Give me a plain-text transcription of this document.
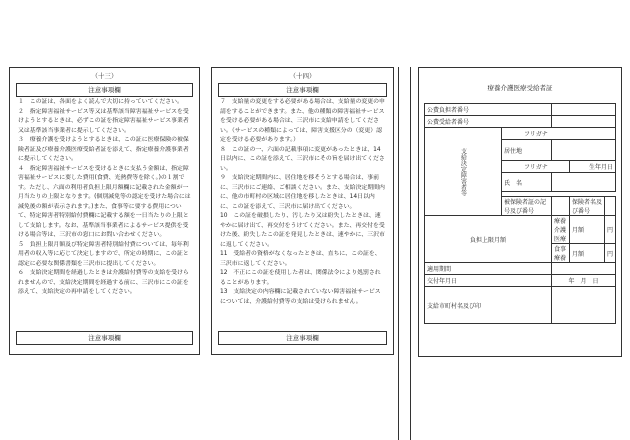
（十三）
注意事項欄

１　この証は、各面をよく読んで大切に持っていてください。

２　指定障害福祉サービス等又は基準該当障害福祉サービスを受けようとするときは、必ずこの証を指定障害福祉サービス事業者又は基準該当事業者に提示してください。

３　療養介護を受けようとするときは、この証に医療保険の被保険者証及び療養介護医療受給者証を添えて、指定療養介護事業者に提示してください。

４　指定障害福祉サービスを受けるときに支払う金額は、指定障害福祉サービスに要した費用(食費、光熱費等を除く。)の１割です。ただし、六面の利用者負担上限月額欄に記載された金額が一月当たりの上限となります。(個別減免等の認定を受けた場合には減免後の額が表示されます。)また、食事等に要する費用について、特定障害者特別給付費欄に記載する額を一日当たりの上限として支給します。なお、基準該当事業者によるサービス提供を受ける場合等は、三沢市の窓口にお問い合わせください。

５　負担上限月額及び特定障害者特別給付費については、毎年利用者の収入等に応じて決定しますので、所定の時期に、この証と認定に必要な関係書類を三沢市に提出してください。

６　支給決定期間を経過したときは介護給付費等の支給を受けられませんので、支給決定期間を経過する前に、三沢市にこの証を添えて、支給決定の再申請をしてください。

注意事項欄
（十四）
注意事項欄

７　支給量の変更をする必要がある場合は、支給量の変更の申請をすることができます。また、他の種類の障害福祉サービスを受ける必要がある場合は、三沢市に支給申請をしてください。（サービスの種類によっては、障害支援区分の（変更）認定を受ける必要があります。）

８　この証の一、六面の記載事項に変更があったときは、14日以内に、この証を添えて、三沢市にその旨を届け出てください。

９　支給決定期間内に、居住地を移そうとする場合は、事前に、三沢市にご連絡、ご相談ください。また、支給決定期間内に、他の市町村の区域に居住地を移したときは、14日以内に、この証を添えて、三沢市に届け出てください。

10　この証を破損したり、汚したり又は紛失したときは、速やかに届け出て、再交付をうけてください。また、再交付を受けた後、紛失したこの証を発見したときは、速やかに、三沢市に返してください。

11　受給者の資格がなくなったときは、直ちに、この証を、三沢市に返してください。

12　不正にこの証を使用した者は、関係法令により処罰されることがあります。

13　支給決定の内容欄に記載されていない障害福祉サービスについては、介護給付費等の支給は受けられません。

注意事項欄
療養介護医療受給者証
公費負担者番号				
公費受給者番号				
支給決定障害者等	フリガナ			
	居住地			
	フリガナ		生年月日	
	氏　名			

	被保険者証の記号及び番号		保険者名及び番号	
負担上限月額		療養介護医療	月額	円
		食事療養	月額	円
適用期間				
交付年月日		年　月　日		
支給市町村名及び印				
